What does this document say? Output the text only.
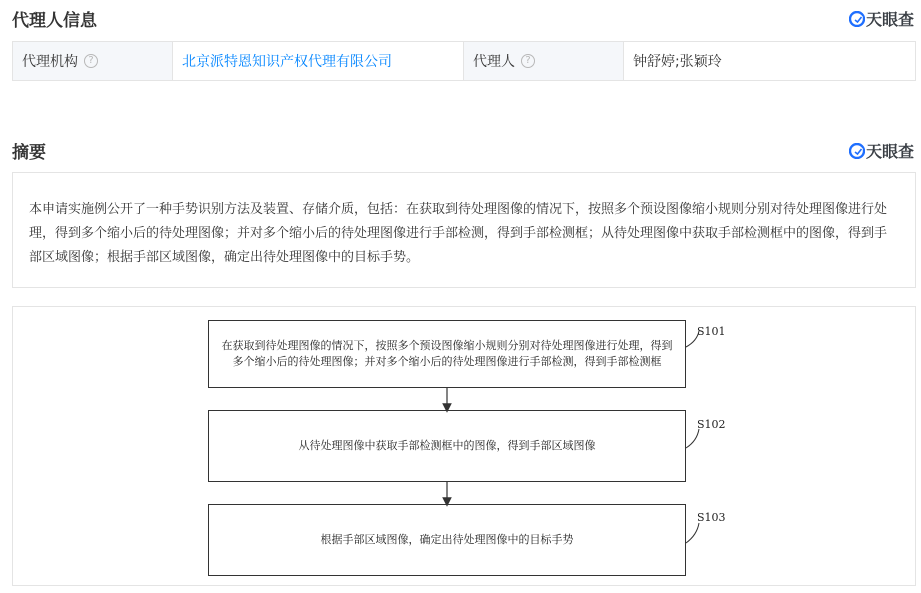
代理人信息	天眼查
代理机构	?	北京派特恩知识产权代理有限公司	代理人	?	钟舒婷;张颖玲
摘要	天眼查

本申请实施例公开了一种手势识别方法及装置、存储介质，包括：在获取到待处理图像的情况下，按照多个预设图像缩小规则分别对待处理图像进行处理，得到多个缩小后的待处理图像；并对多个缩小后的待处理图像进行手部检测，得到手部检测框；从待处理图像中获取手部检测框中的图像，得到手部区域图像；根据手部区域图像，确定出待处理图像中的目标手势。

在获取到待处理图像的情况下，按照多个预设图像缩小规则分别对待处理图像进行处理，得到多个缩小后的待处理图像；并对多个缩小后的待处理图像进行手部检测，得到手部检测框
S101
从待处理图像中获取手部检测框中的图像，得到手部区域图像
S102
根据手部区域图像，确定出待处理图像中的目标手势
S103
